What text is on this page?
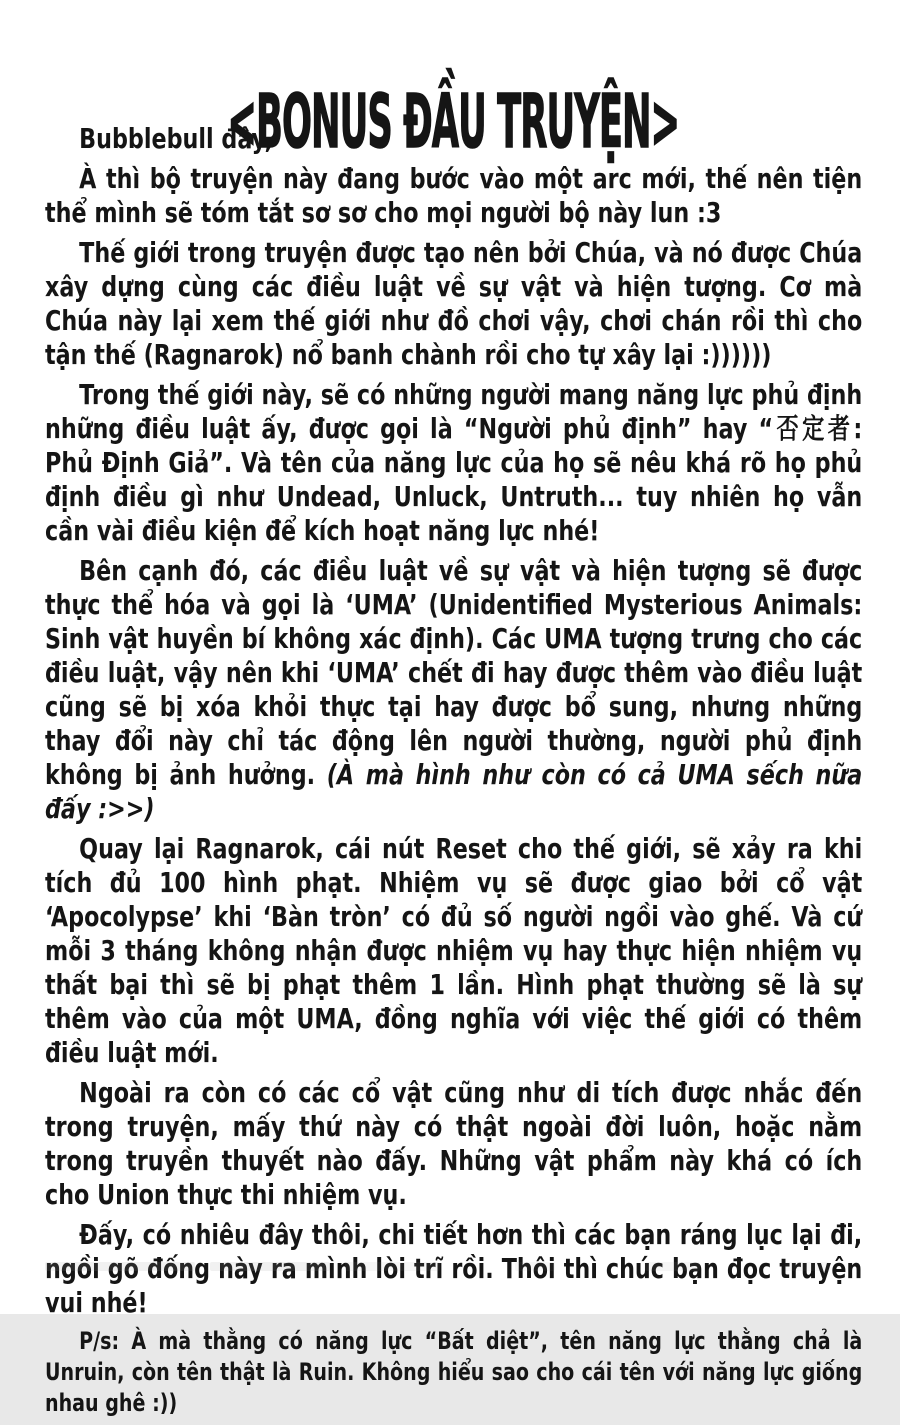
<BONUS ĐẦU TRUYỆN>

Bubblebull đây,

À thì bộ truyện này đang bước vào một arc mới, thế nên tiện thể mình sẽ tóm tắt sơ sơ cho mọi người bộ này lun :3

Thế giới trong truyện được tạo nên bởi Chúa, và nó được Chúa xây dựng cùng các điều luật về sự vật và hiện tượng. Cơ mà Chúa này lại xem thế giới như đồ chơi vậy, chơi chán rồi thì cho tận thế (Ragnarok) nổ banh chành rồi cho tự xây lại :))))))

Trong thế giới này, sẽ có những người mang năng lực phủ định những điều luật ấy, được gọi là “Người phủ định” hay “否定者: Phủ Định Giả”. Và tên của năng lực của họ sẽ nêu khá rõ họ phủ định điều gì như Undead, Unluck, Untruth... tuy nhiên họ vẫn cần vài điều kiện để kích hoạt năng lực nhé!

Bên cạnh đó, các điều luật về sự vật và hiện tượng sẽ được thực thể hóa và gọi là ‘UMA’ (Unidentified Mysterious Animals: Sinh vật huyền bí không xác định). Các UMA tượng trưng cho các điều luật, vậy nên khi ‘UMA’ chết đi hay được thêm vào điều luật cũng sẽ bị xóa khỏi thực tại hay được bổ sung, nhưng những thay đổi này chỉ tác động lên người thường, người phủ định không bị ảnh hưởng. (À mà hình như còn có cả UMA sếch nữa đấy :>>)

Quay lại Ragnarok, cái nút Reset cho thế giới, sẽ xảy ra khi tích đủ 100 hình phạt. Nhiệm vụ sẽ được giao bởi cổ vật ‘Apocolypse’ khi ‘Bàn tròn’ có đủ số người ngồi vào ghế. Và cứ mỗi 3 tháng không nhận được nhiệm vụ hay thực hiện nhiệm vụ thất bại thì sẽ bị phạt thêm 1 lần. Hình phạt thường sẽ là sự thêm vào của một UMA, đồng nghĩa với việc thế giới có thêm điều luật mới.

Ngoài ra còn có các cổ vật cũng như di tích được nhắc đến trong truyện, mấy thứ này có thật ngoài đời luôn, hoặc nằm trong truyền thuyết nào đấy. Những vật phẩm này khá có ích cho Union thực thi nhiệm vụ.

Đấy, có nhiêu đây thôi, chi tiết hơn thì các bạn ráng lục lại đi, ngồi gõ đống này ra mình lòi trĩ rồi. Thôi thì chúc bạn đọc truyện vui nhé!

P/s: À mà thằng có năng lực “Bất diệt”, tên năng lực thằng chả là Unruin, còn tên thật là Ruin. Không hiểu sao cho cái tên với năng lực giống nhau ghê :))
